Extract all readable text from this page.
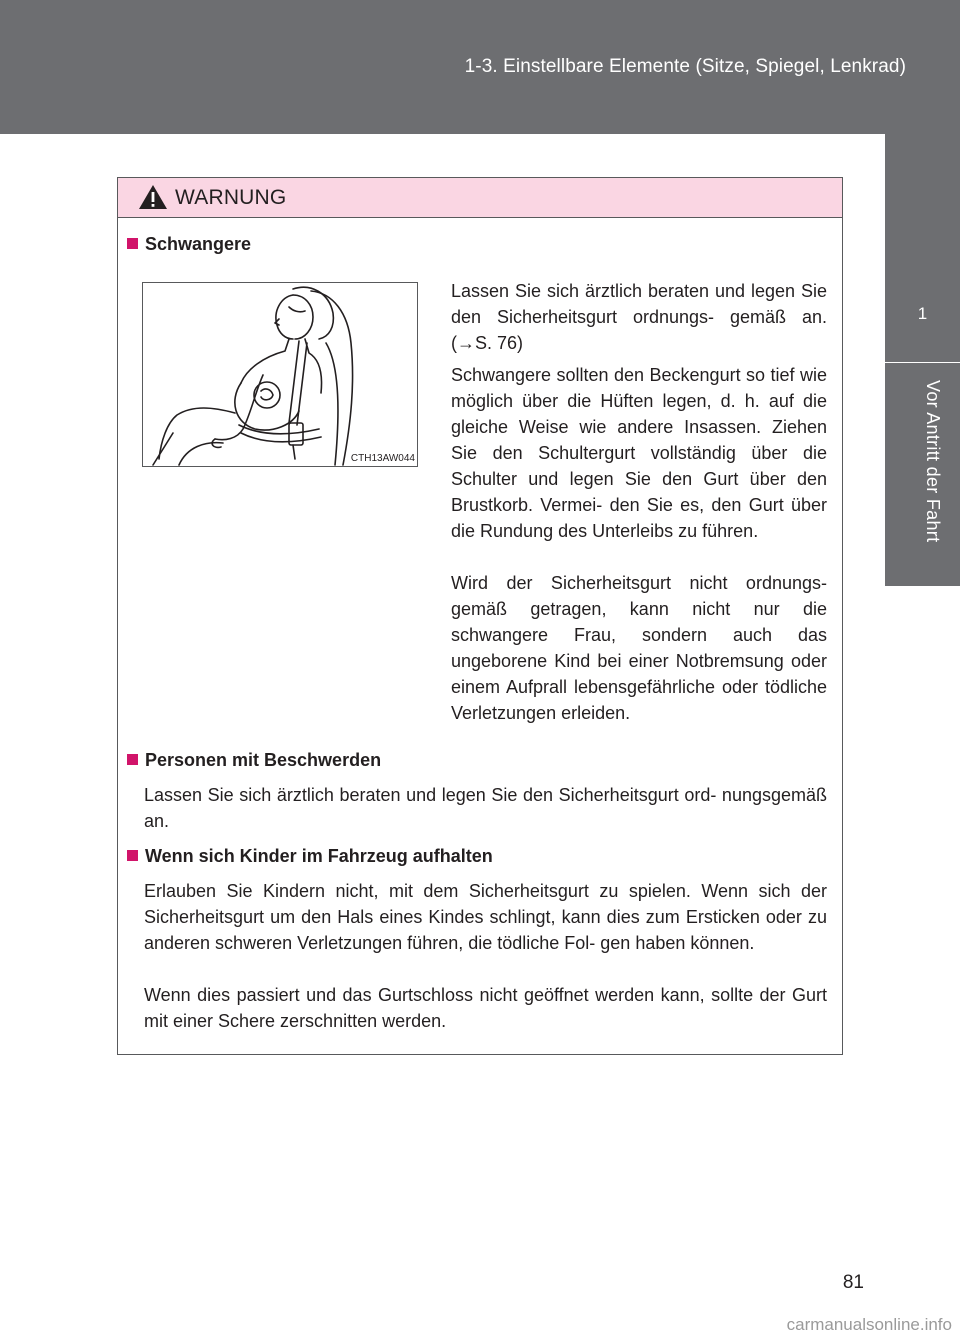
1-3. Einstellbare Elemente (Sitze, Spiegel, Lenkrad)
1
Vor Antritt der Fahrt
WARNUNG
Schwangere
CTH13AW044
Lassen Sie sich ärztlich beraten und legen Sie den Sicherheitsgurt ordnungs- gemäß an. (→S. 76)
Schwangere sollten den Beckengurt so tief wie möglich über die Hüften legen, d. h. auf die gleiche Weise wie andere Insassen. Ziehen Sie den Schultergurt vollständig über die Schulter und legen Sie den Gurt über den Brustkorb. Vermei- den Sie es, den Gurt über die Rundung des Unterleibs zu führen.
Wird der Sicherheitsgurt nicht ordnungs- gemäß getragen, kann nicht nur die schwangere Frau, sondern auch das ungeborene Kind bei einer Notbremsung oder einem Aufprall lebensgefährliche oder tödliche Verletzungen erleiden.
Personen mit Beschwerden
Lassen Sie sich ärztlich beraten und legen Sie den Sicherheitsgurt ord- nungsgemäß an.
Wenn sich Kinder im Fahrzeug aufhalten
Erlauben Sie Kindern nicht, mit dem Sicherheitsgurt zu spielen. Wenn sich der Sicherheitsgurt um den Hals eines Kindes schlingt, kann dies zum Ersticken oder zu anderen schweren Verletzungen führen, die tödliche Fol- gen haben können.
Wenn dies passiert und das Gurtschloss nicht geöffnet werden kann, sollte der Gurt mit einer Schere zerschnitten werden.
81
carmanualsonline.info
